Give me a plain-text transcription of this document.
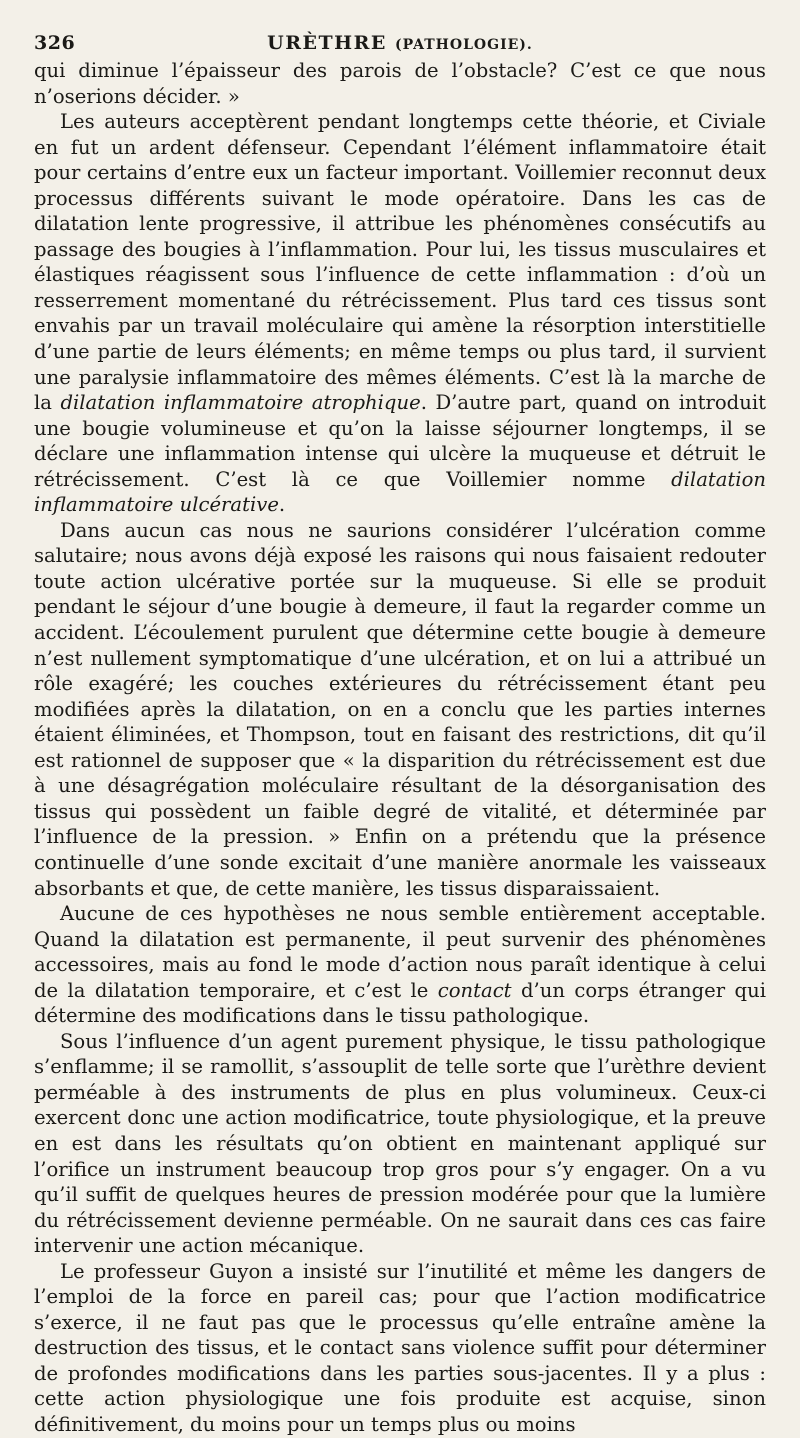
326	URÈTHRE (PATHOLOGIE).

qui diminue l’épaisseur des parois de l’obstacle? C’est ce que nous n’oserions décider. »

Les auteurs acceptèrent pendant longtemps cette théorie, et Civiale en fut un ardent défenseur. Cependant l’élément inflammatoire était pour certains d’entre eux un facteur important. Voillemier reconnut deux processus différents suivant le mode opératoire. Dans les cas de dilatation lente progressive, il attribue les phénomènes consécutifs au passage des bougies à l’inflammation. Pour lui, les tissus musculaires et élastiques réagissent sous l’influence de cette inflammation : d’où un resserrement momentané du rétrécissement. Plus tard ces tissus sont envahis par un travail moléculaire qui amène la résorption interstitielle d’une partie de leurs éléments; en même temps ou plus tard, il survient une paralysie inflammatoire des mêmes éléments. C’est là la marche de la dilatation inflammatoire atrophique. D’autre part, quand on introduit une bougie volumineuse et qu’on la laisse séjourner longtemps, il se déclare une inflammation intense qui ulcère la muqueuse et détruit le rétrécissement. C’est là ce que Voillemier nomme dilatation inflammatoire ulcérative.

Dans aucun cas nous ne saurions considérer l’ulcération comme salutaire; nous avons déjà exposé les raisons qui nous faisaient redouter toute action ulcérative portée sur la muqueuse. Si elle se produit pendant le séjour d’une bougie à demeure, il faut la regarder comme un accident. L’écoulement purulent que détermine cette bougie à demeure n’est nullement symptomatique d’une ulcération, et on lui a attribué un rôle exagéré; les couches extérieures du rétrécissement étant peu modifiées après la dilatation, on en a conclu que les parties internes étaient éliminées, et Thompson, tout en faisant des restrictions, dit qu’il est rationnel de supposer que « la disparition du rétrécissement est due à une désagrégation moléculaire résultant de la désorganisation des tissus qui possèdent un faible degré de vitalité, et déterminée par l’influence de la pression. » Enfin on a prétendu que la présence continuelle d’une sonde excitait d’une manière anormale les vaisseaux absorbants et que, de cette manière, les tissus disparaissaient.

Aucune de ces hypothèses ne nous semble entièrement acceptable. Quand la dilatation est permanente, il peut survenir des phénomènes accessoires, mais au fond le mode d’action nous paraît identique à celui de la dilatation temporaire, et c’est le contact d’un corps étranger qui détermine des modifications dans le tissu pathologique.

Sous l’influence d’un agent purement physique, le tissu pathologique s’enflamme; il se ramollit, s’assouplit de telle sorte que l’urèthre devient perméable à des instruments de plus en plus volumineux. Ceux-ci exercent donc une action modificatrice, toute physiologique, et la preuve en est dans les résultats qu’on obtient en maintenant appliqué sur l’orifice un instrument beaucoup trop gros pour s’y engager. On a vu qu’il suffit de quelques heures de pression modérée pour que la lumière du rétrécissement devienne perméable. On ne saurait dans ces cas faire intervenir une action mécanique.

Le professeur Guyon a insisté sur l’inutilité et même les dangers de l’emploi de la force en pareil cas; pour que l’action modificatrice s’exerce, il ne faut pas que le processus qu’elle entraîne amène la destruction des tissus, et le contact sans violence suffit pour déterminer de profondes modifications dans les parties sous-jacentes. Il y a plus : cette action physiologique une fois produite est acquise, sinon définitivement, du moins pour un temps plus ou moins
